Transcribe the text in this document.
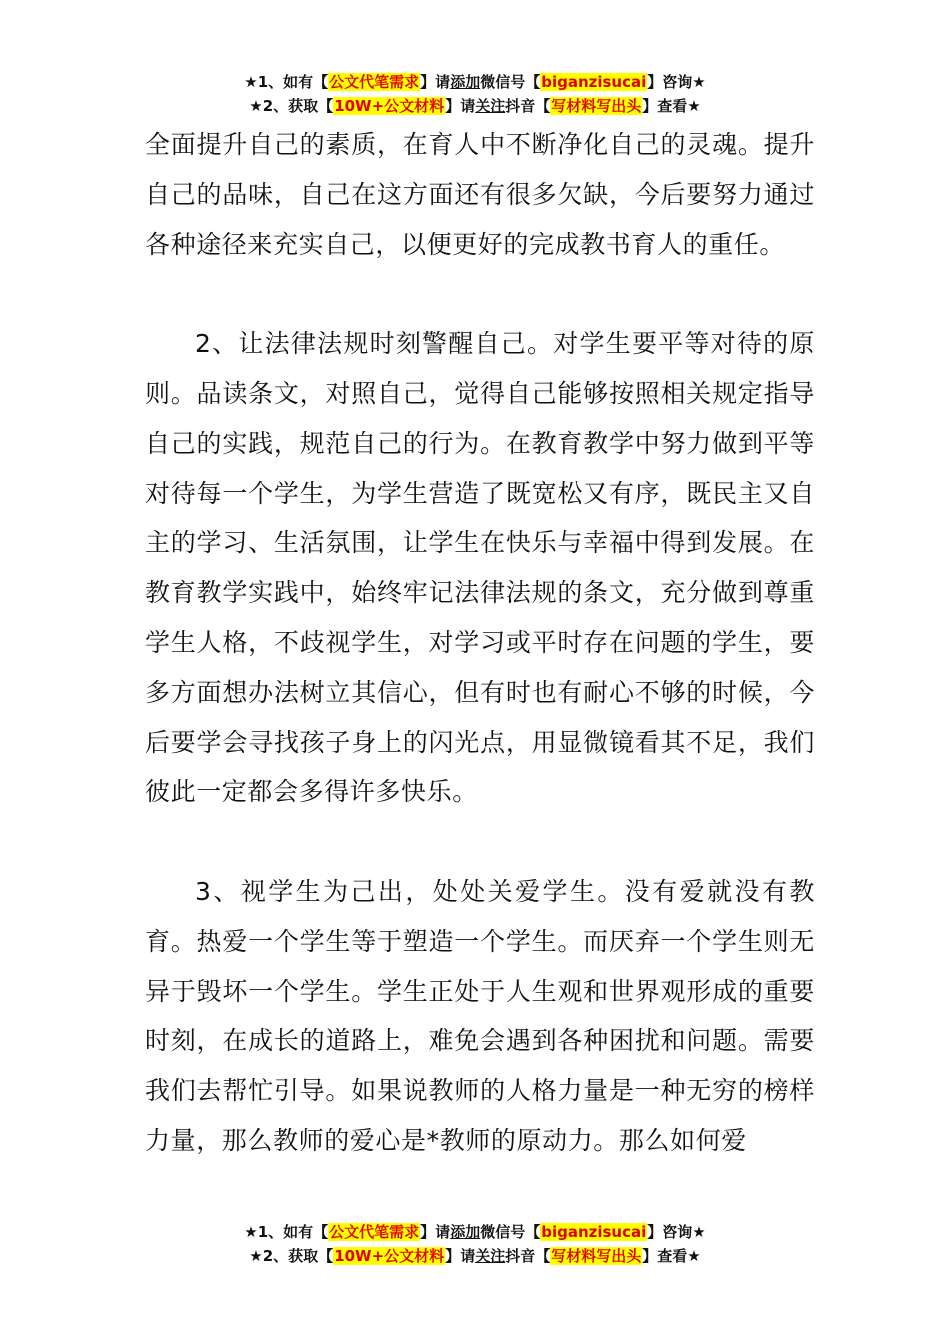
★1、如有【公文代笔需求】请添加微信号【biganzisucai】咨询★
★2、获取【10W+公文材料】请关注抖音【写材料写出头】查看★

全面提升自己的素质，在育人中不断净化自己的灵魂。提升自己的品味，自己在这方面还有很多欠缺，今后要努力通过各种途径来充实自己，以便更好的完成教书育人的重任。

2、让法律法规时刻警醒自己。对学生要平等对待的原则。品读条文，对照自己，觉得自己能够按照相关规定指导自己的实践，规范自己的行为。在教育教学中努力做到平等对待每一个学生，为学生营造了既宽松又有序，既民主又自主的学习、生活氛围，让学生在快乐与幸福中得到发展。在教育教学实践中，始终牢记法律法规的条文，充分做到尊重学生人格，不歧视学生，对学习或平时存在问题的学生，要多方面想办法树立其信心，但有时也有耐心不够的时候，今后要学会寻找孩子身上的闪光点，用显微镜看其不足，我们彼此一定都会多得许多快乐。

3、视学生为己出，处处关爱学生。没有爱就没有教育。热爱一个学生等于塑造一个学生。而厌弃一个学生则无异于毁坏一个学生。学生正处于人生观和世界观形成的重要时刻，在成长的道路上，难免会遇到各种困扰和问题。需要我们去帮忙引导。如果说教师的人格力量是一种无穷的榜样力量，那么教师的爱心是*教师的原动力。那么如何爱

★1、如有【公文代笔需求】请添加微信号【biganzisucai】咨询★
★2、获取【10W+公文材料】请关注抖音【写材料写出头】查看★
